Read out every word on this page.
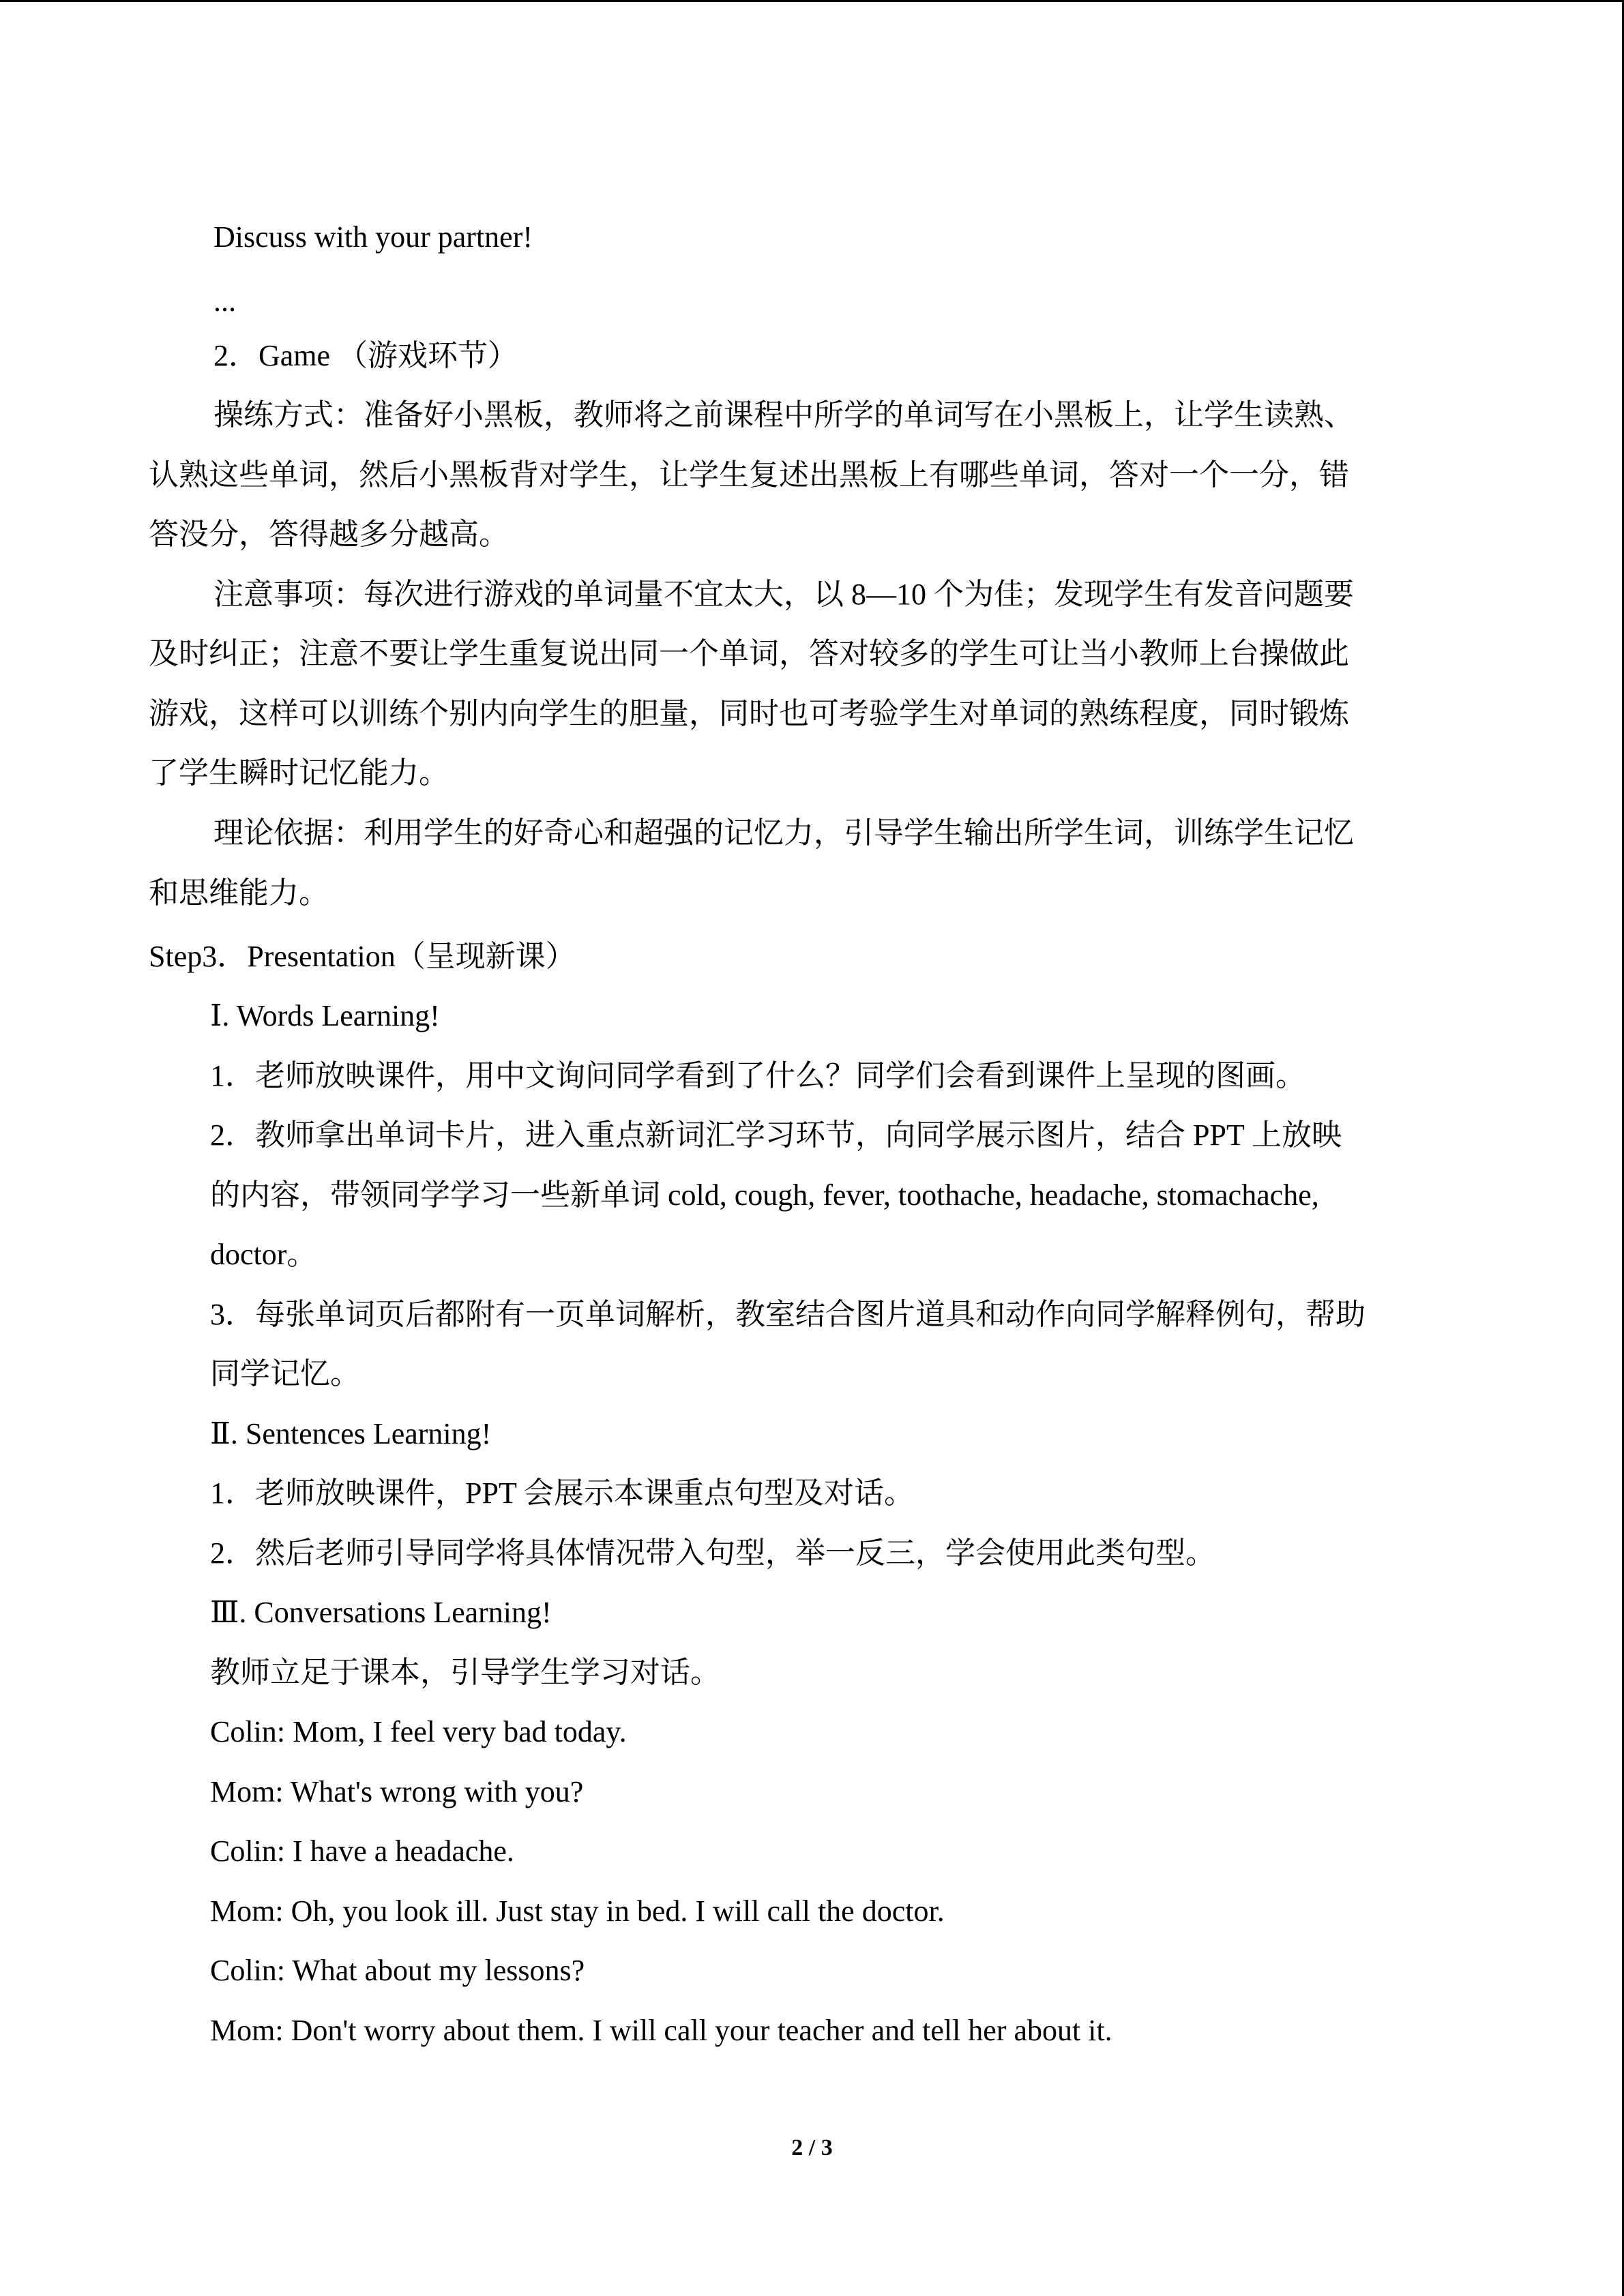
Discuss with your partner!
...
2．Game （游戏环节）
操练方式：准备好小黑板，教师将之前课程中所学的单词写在小黑板上，让学生读熟、
认熟这些单词，然后小黑板背对学生，让学生复述出黑板上有哪些单词，答对一个一分，错
答没分，答得越多分越高。
注意事项：每次进行游戏的单词量不宜太大，以 8—10 个为佳；发现学生有发音问题要
及时纠正；注意不要让学生重复说出同一个单词，答对较多的学生可让当小教师上台操做此
游戏，这样可以训练个别内向学生的胆量，同时也可考验学生对单词的熟练程度，同时锻炼
了学生瞬时记忆能力。
理论依据：利用学生的好奇心和超强的记忆力，引导学生输出所学生词，训练学生记忆
和思维能力。
Step3．Presentation（呈现新课）
Ⅰ. Words Learning!
1．老师放映课件，用中文询问同学看到了什么？同学们会看到课件上呈现的图画。
2．教师拿出单词卡片，进入重点新词汇学习环节，向同学展示图片，结合 PPT 上放映
的内容，带领同学学习一些新单词 cold, cough, fever, toothache, headache, stomachache,
doctor。
3．每张单词页后都附有一页单词解析，教室结合图片道具和动作向同学解释例句，帮助
同学记忆。
Ⅱ. Sentences Learning!
1．老师放映课件，PPT 会展示本课重点句型及对话。
2．然后老师引导同学将具体情况带入句型，举一反三，学会使用此类句型。
Ⅲ. Conversations Learning!
教师立足于课本，引导学生学习对话。
Colin: Mom, I feel very bad today.
Mom: What's wrong with you?
Colin: I have a headache.
Mom: Oh, you look ill. Just stay in bed. I will call the doctor.
Colin: What about my lessons?
Mom: Don't worry about them. I will call your teacher and tell her about it.
2 / 3
